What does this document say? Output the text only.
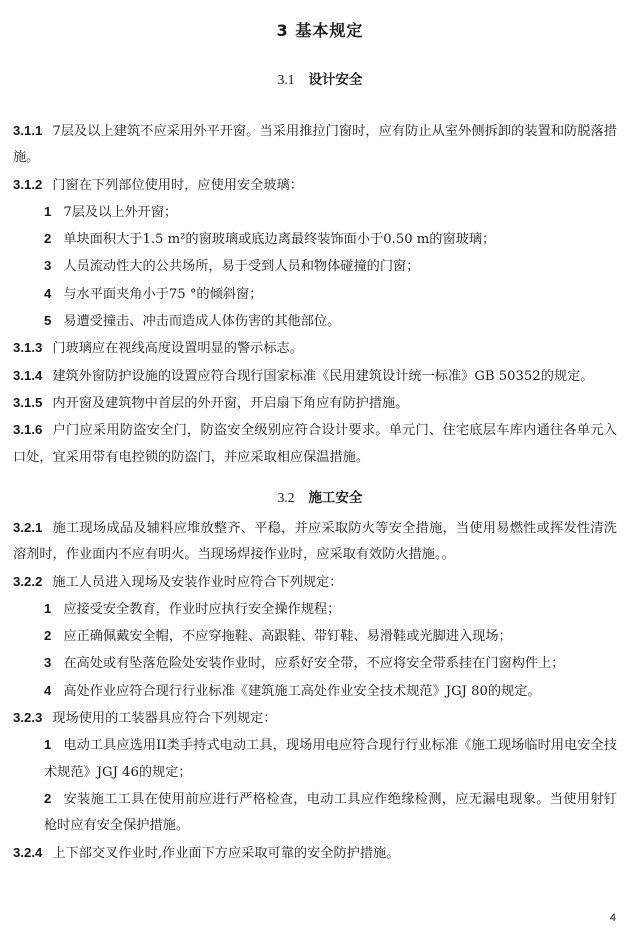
3 基本规定
3.1 设计安全

3.1.1 7层及以上建筑不应采用外平开窗。当采用推拉门窗时，应有防止从室外侧拆卸的装置和防脱落措施。

3.1.2 门窗在下列部位使用时，应使用安全玻璃：

1 7层及以上外开窗；

2 单块面积大于1.5 m²的窗玻璃或底边离最终装饰面小于0.50 m的窗玻璃；

3 人员流动性大的公共场所，易于受到人员和物体碰撞的门窗；

4 与水平面夹角小于75 °的倾斜窗；

5 易遭受撞击、冲击而造成人体伤害的其他部位。

3.1.3 门玻璃应在视线高度设置明显的警示标志。

3.1.4 建筑外窗防护设施的设置应符合现行国家标准《民用建筑设计统一标准》GB 50352的规定。

3.1.5 内开窗及建筑物中首层的外开窗，开启扇下角应有防护措施。

3.1.6 户门应采用防盗安全门，防盗安全级别应符合设计要求。单元门、住宅底层车库内通往各单元入口处，宜采用带有电控锁的防盗门，并应采取相应保温措施。

3.2 施工安全

3.2.1 施工现场成品及辅料应堆放整齐、平稳，并应采取防火等安全措施，当使用易燃性或挥发性清洗溶剂时，作业面内不应有明火。当现场焊接作业时，应采取有效防火措施。。

3.2.2 施工人员进入现场及安装作业时应符合下列规定：

1 应接受安全教育，作业时应执行安全操作规程；

2 应正确佩戴安全帽，不应穿拖鞋、高跟鞋、带钉鞋、易滑鞋或光脚进入现场；

3 在高处或有坠落危险处安装作业时，应系好安全带，不应将安全带系挂在门窗构件上；

4 高处作业应符合现行行业标准《建筑施工高处作业安全技术规范》JGJ 80的规定。

3.2.3 现场使用的工装器具应符合下列规定：

1 电动工具应选用II类手持式电动工具，现场用电应符合现行行业标准《施工现场临时用电安全技术规范》JGJ 46的规定；

2 安装施工工具在使用前应进行严格检查，电动工具应作绝缘检测，应无漏电现象。当使用射钉枪时应有安全保护措施。

3.2.4 上下部交叉作业时,作业面下方应采取可靠的安全防护措施。

4
